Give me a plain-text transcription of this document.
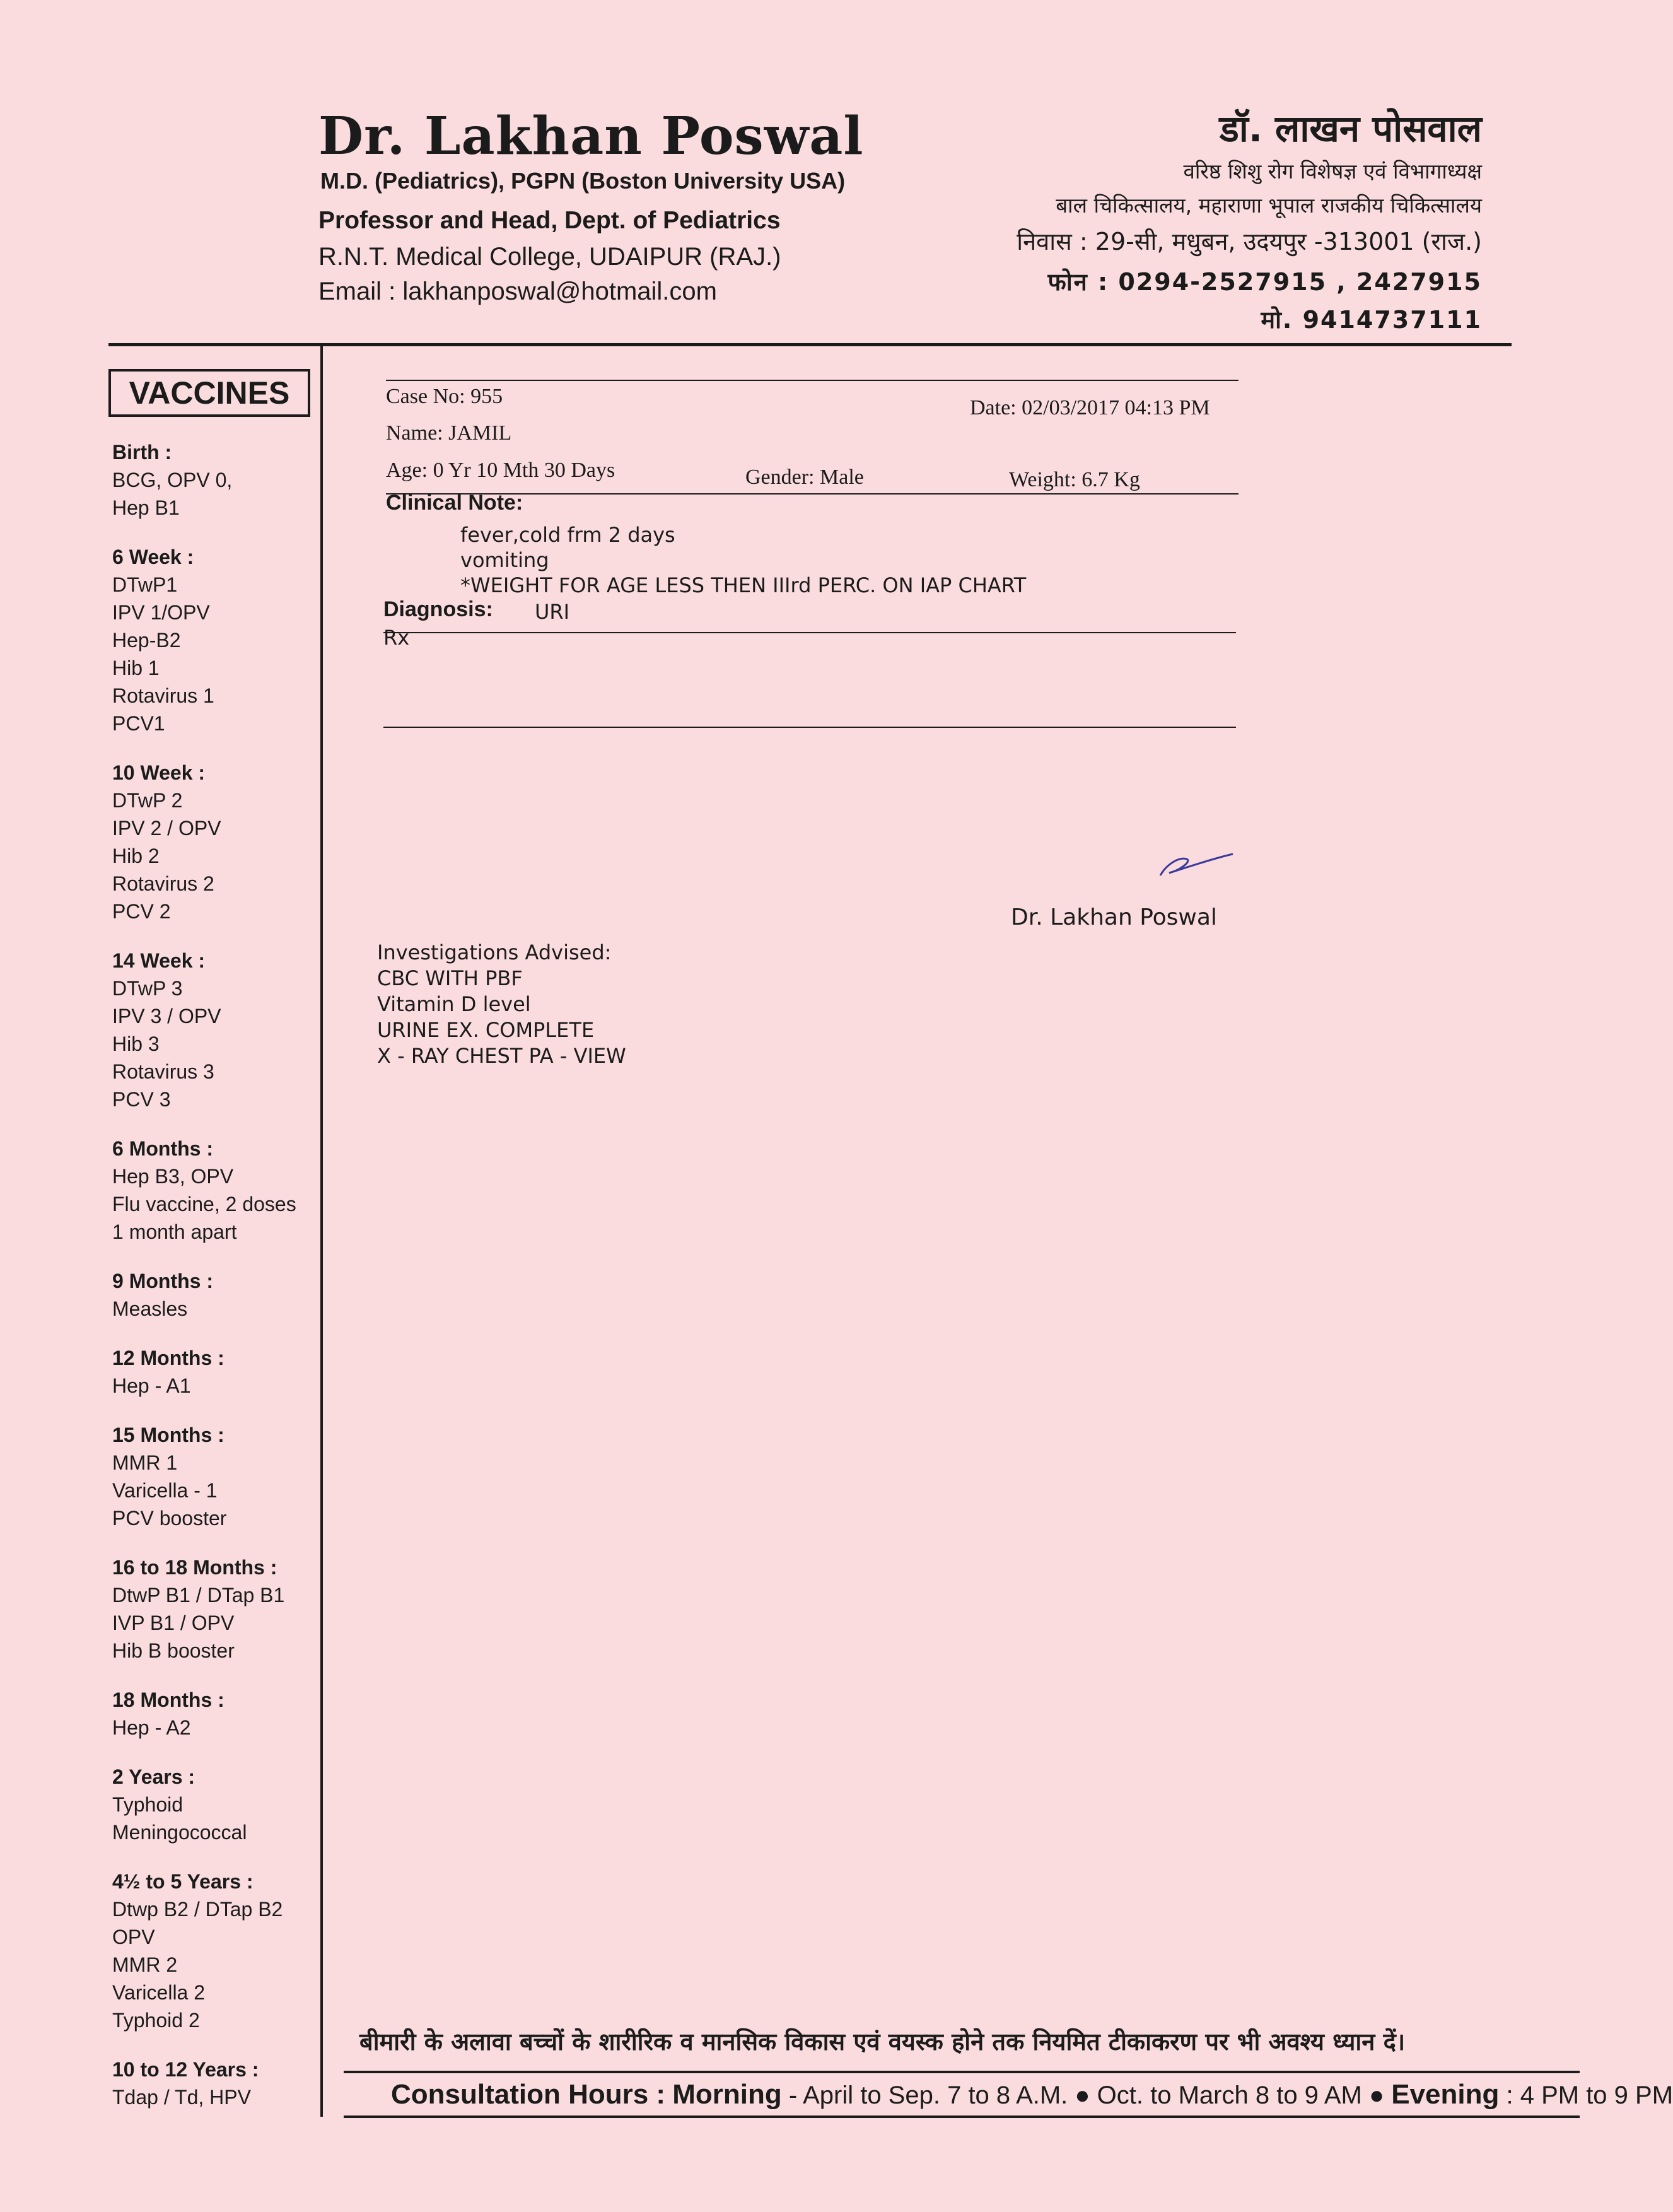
Dr. Lakhan Poswal
M.D. (Pediatrics), PGPN (Boston University USA)
Professor and Head, Dept. of Pediatrics
R.N.T. Medical College, UDAIPUR (RAJ.)
Email : lakhanposwal@hotmail.com
डॉ. लाखन पोसवाल
वरिष्ठ शिशु रोग विशेषज्ञ एवं विभागाध्यक्ष
बाल चिकित्सालय, महाराणा भूपाल राजकीय चिकित्सालय
निवास : 29-सी, मधुबन, उदयपुर -313001 (राज.)
फोन : 0294-2527915 , 2427915
मो. 9414737111
VACCINES
Birth :
BCG, OPV 0,
Hep B1
6 Week :
DTwP1
IPV 1/OPV
Hep-B2
Hib 1
Rotavirus 1
PCV1
10 Week :
DTwP 2
IPV 2 / OPV
Hib 2
Rotavirus 2
PCV 2
14 Week :
DTwP 3
IPV 3 / OPV
Hib 3
Rotavirus 3
PCV 3
6 Months :
Hep B3, OPV
Flu vaccine, 2 doses
1 month apart
9 Months :
Measles
12 Months :
Hep - A1
15 Months :
MMR 1
Varicella - 1
PCV booster
16 to 18 Months :
DtwP B1 / DTap B1
IVP B1 / OPV
Hib B booster
18 Months :
Hep - A2
2 Years :
Typhoid
Meningococcal
4½ to 5 Years :
Dtwp B2 / DTap B2
OPV
MMR 2
Varicella 2
Typhoid 2
10 to 12 Years :
Tdap / Td, HPV
Case No: 955	Date: 02/03/2017 04:13 PM
Name: JAMIL
Age: 0 Yr 10 Mth 30 Days	Gender: Male	Weight: 6.7 Kg
Clinical Note:
fever,cold frm 2 days
vomiting
*WEIGHT FOR AGE LESS THEN IIIrd PERC. ON IAP CHART
Diagnosis: URI
Rx
Dr. Lakhan Poswal
Investigations Advised:
CBC WITH PBF
Vitamin D level
URINE EX. COMPLETE
X - RAY CHEST PA - VIEW
बीमारी के अलावा बच्चों के शारीरिक व मानसिक विकास एवं वयस्क होने तक नियमित टीकाकरण पर भी अवश्य ध्यान दें।
Consultation Hours : Morning - April to Sep. 7 to 8 A.M. ● Oct. to March 8 to 9 AM ● Evening : 4 PM to 9 PM
